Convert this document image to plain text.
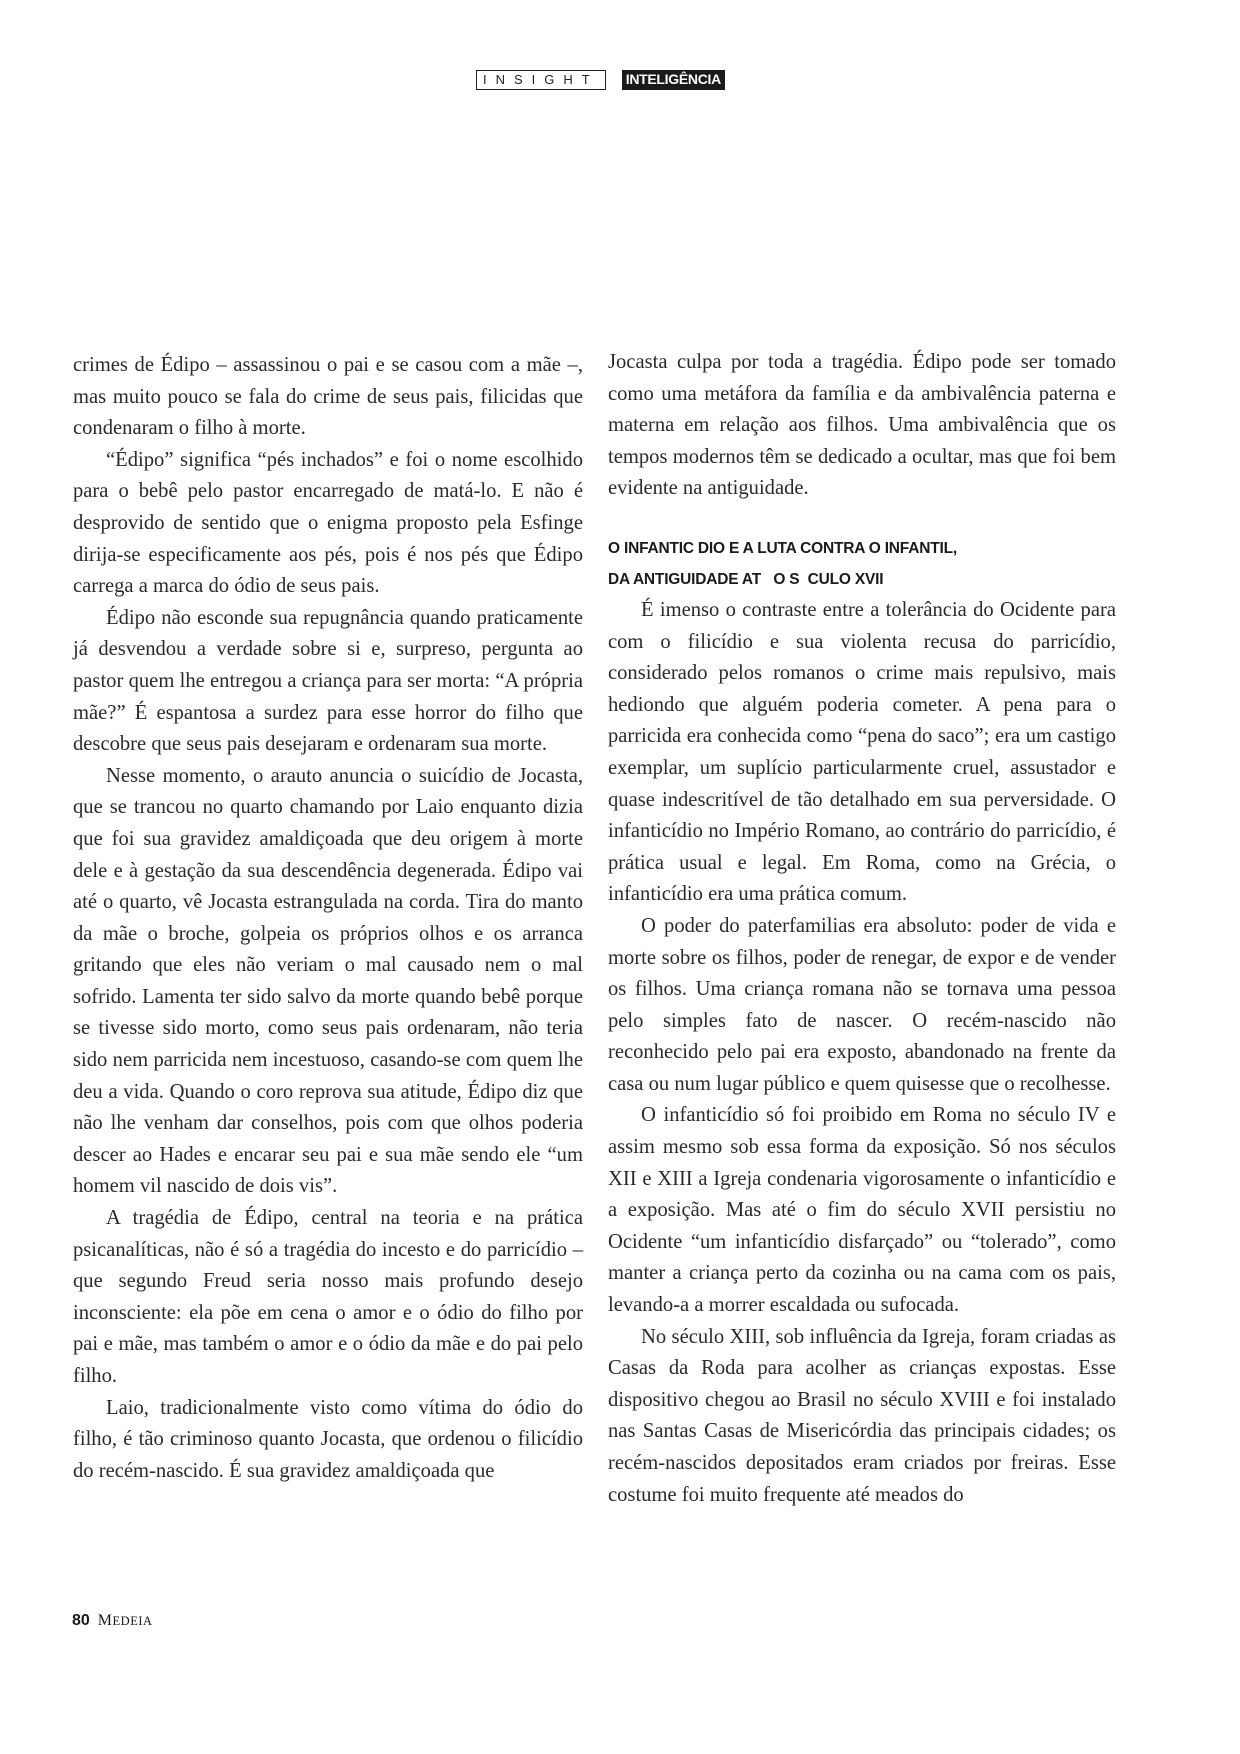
INSIGHT	INTELIGÊNCIA

crimes de Édipo – assassinou o pai e se casou com a mãe –, mas muito pouco se fala do crime de seus pais, filicidas que condenaram o filho à morte.

“Édipo” significa “pés inchados” e foi o nome escolhido para o bebê pelo pastor encarregado de matá-lo. E não é desprovido de sentido que o enigma proposto pela Esfinge dirija-se especificamente aos pés, pois é nos pés que Édipo carrega a marca do ódio de seus pais.

Édipo não esconde sua repugnância quando praticamente já desvendou a verdade sobre si e, surpreso, pergunta ao pastor quem lhe entregou a criança para ser morta: “A própria mãe?” É espantosa a surdez para esse horror do filho que descobre que seus pais desejaram e ordenaram sua morte.

Nesse momento, o arauto anuncia o suicídio de Jocasta, que se trancou no quarto chamando por Laio enquanto dizia que foi sua gravidez amaldiçoada que deu origem à morte dele e à gestação da sua descendência degenerada. Édipo vai até o quarto, vê Jocasta estrangulada na corda. Tira do manto da mãe o broche, golpeia os próprios olhos e os arranca gritando que eles não veriam o mal causado nem o mal sofrido. Lamenta ter sido salvo da morte quando bebê porque se tivesse sido morto, como seus pais ordenaram, não teria sido nem parricida nem incestuoso, casando-se com quem lhe deu a vida. Quando o coro reprova sua atitude, Édipo diz que não lhe venham dar conselhos, pois com que olhos poderia descer ao Hades e encarar seu pai e sua mãe sendo ele “um homem vil nascido de dois vis”.

A tragédia de Édipo, central na teoria e na prática psicanalíticas, não é só a tragédia do incesto e do parricídio – que segundo Freud seria nosso mais profundo desejo inconsciente: ela põe em cena o amor e o ódio do filho por pai e mãe, mas também o amor e o ódio da mãe e do pai pelo filho.

Laio, tradicionalmente visto como vítima do ódio do filho, é tão criminoso quanto Jocasta, que ordenou o filicídio do recém-nascido. É sua gravidez amaldiçoada que

Jocasta culpa por toda a tragédia. Édipo pode ser tomado como uma metáfora da família e da ambivalência paterna e materna em relação aos filhos. Uma ambivalência que os tempos modernos têm se dedicado a ocultar, mas que foi bem evidente na antiguidade.

O INFANTIC DIO E A LUTA CONTRA O INFANTIL,
DA ANTIGUIDADE AT   O S  CULO XVII

É imenso o contraste entre a tolerância do Ocidente para com o filicídio e sua violenta recusa do parricídio, considerado pelos romanos o crime mais repulsivo, mais hediondo que alguém poderia cometer. A pena para o parricida era conhecida como “pena do saco”; era um castigo exemplar, um suplício particularmente cruel, assustador e quase indescritível de tão detalhado em sua perversidade. O infanticídio no Império Romano, ao contrário do parricídio, é prática usual e legal. Em Roma, como na Grécia, o infanticídio era uma prática comum.

O poder do paterfamilias era absoluto: poder de vida e morte sobre os filhos, poder de renegar, de expor e de vender os filhos. Uma criança romana não se tornava uma pessoa pelo simples fato de nascer. O recém-nascido não reconhecido pelo pai era exposto, abandonado na frente da casa ou num lugar público e quem quisesse que o recolhesse.

O infanticídio só foi proibido em Roma no século IV e assim mesmo sob essa forma da exposição. Só nos séculos XII e XIII a Igreja condenaria vigorosamente o infanticídio e a exposição. Mas até o fim do século XVII persistiu no Ocidente “um infanticídio disfarçado” ou “tolerado”, como manter a criança perto da cozinha ou na cama com os pais, levando-a a morrer escaldada ou sufocada.

No século XIII, sob influência da Igreja, foram criadas as Casas da Roda para acolher as crianças expostas. Esse dispositivo chegou ao Brasil no século XVIII e foi instalado nas Santas Casas de Misericórdia das principais cidades; os recém-nascidos depositados eram criados por freiras. Esse costume foi muito frequente até meados do

80 MEDEIA
